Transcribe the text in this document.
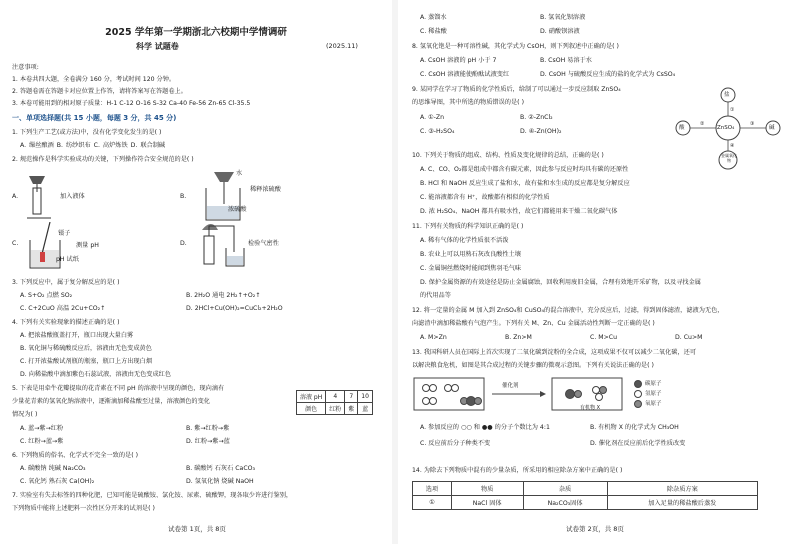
2025 学年第一学期浙北六校期中学情调研
科学 试题卷	(2025.11)
注意事项:
1. 本卷共四大题，全卷满分 160 分，考试时间 120 分钟。
2. 答题卷需在答题卡对应位置上作答，请将答案写在答题卷上。
3. 本卷可能用到的相对原子质量：H-1 C-12 O-16 S-32 Ca-40 Fe-56 Zn-65 Cl-35.5
一、单项选择题(共 15 小题，每题 3 分，共 45 分)
1. 下列生产工艺(或方法)中，没有化学变化发生的是( )
A. 缫丝酿酒 B. 纺纱织布 C. 高炉炼铁 D. 联合制碱
2. 规范操作是科学实验成功的关键，下列操作符合安全规范的是( )
A.	加入液体	B.
水
稀释浓硫酸
浓硫酸
C.
镊子
测量 pH
pH 试纸
D.	检验气密性
3. 下列反应中，属于复分解反应的是( )
A. S+O₂ 点燃 SO₂	B. 2H₂O 通电 2H₂↑+O₂↑
C. C+2CuO 高温 2Cu+CO₂↑	D. 2HCl+Cu(OH)₂=CuCl₂+2H₂O
4. 下列有关实验现象的描述正确的是( )
A. 把浓盐酸瓶盖打开，瓶口出现大量白雾
B. 氧化铜与稀硫酸反应后，溶液由无色变成黄色
C. 打开浓盐酸试剂瓶的瓶塞，瓶口上方出现白烟
D. 向稀盐酸中滴加紫色石蕊试液，溶液由无色变成红色
5. 下表是用牵牛花瓣提取的花青素在不同 pH 的溶液中呈现的颜色，现向滴有
少量花青素的氢氧化钠溶液中，逐渐滴加稀盐酸至过量，溶液颜色的变化
情况为( )
溶液 pH	4	7	10
颜色	红粉	紫	蓝
A. 蓝→紫→红粉	B. 紫→红粉→紫
C. 红粉→蓝→紫	D. 红粉→紫→蓝
6. 下列物质的俗名、化学式不完全一致的是( )
A. 碳酸钠 纯碱 Na₂CO₃	B. 碳酸钙 石灰石 CaCO₃
C. 氧化钙 熟石灰 Ca(OH)₂	D. 氢氧化钠 烧碱 NaOH
7. 实验室有失去标签的四种化肥，已知可能是硫酸铵、氯化铵、尿素、硫酸钾，现各取少许进行鉴别，
下列物质中能将上述肥料一次性区分开来的试剂是( )
试卷第 1页，共 8页
A. 蒸馏水	B. 氢氧化钡溶液
C. 稀盐酸	D. 硝酸钡溶液
8. 氢氧化铯是一种可溶性碱，其化学式为 CsOH，则下列叙述中正确的是( )
A. CsOH 溶液的 pH 小于 7	B. CsOH 易溶于水
C. CsOH 溶液能使酚酞试液变红	D. CsOH 与硫酸反应生成的盐的化学式为 CsSO₄
9. 某同学在学习了物质的化学性质后，给制了可以通过一步反应制取 ZnSO₄
的思维导图，其中所选的物质错误的是( )
A. ①-Zn	B. ②-ZnCl₂
C. ③-H₂SO₄	D. ④-Zn(OH)₂	ZnSO₄
盐
酸	碱
金属氧化物
①
②	③
④
10. 下列关于物质的组成、结构、性质及变化规律的总结，正确的是( )
A. C、CO、O₂都是组成中都含有碳元素，因此参与反应时均具有碳的还原性
B. HCl 和 NaOH 反应生成了盐和水，故有盐和水生成的反应都是复分解反应
C. 能溶液都含有 H⁺，故酸都有相似的化学性质
D. 浓 H₂SO₄、NaOH 都具有吸水性，故它们都能用来干燥二氧化碳气体
11. 下列有关物质的科学知识正确的是( )
A. 稀有气体的化学性质很不活泼
B. 农业上可以用熟石灰改良酸性土壤
C. 金属铜丝燃烧时能闻到焦羽毛气味
D. 保护金属资源的有效途径是防止金属腐蚀，回收利用废旧金属，合理有效地开采矿物，以及寻找金属
的代用品等
12. 将一定量的金属 M 加入到 ZnSO₄和 CuSO₄的混合溶液中，充分反应后，过滤，得到固体滤渣，滤液为无色，
向滤渣中滴加稀盐酸有气泡产生。下列有关 M、Zn、Cu 金属活动性判断一定正确的是( )
A. M>Zn	B. Zn>M	C. M>Cu	D. Cu>M
13. 我国科研人员在国际上首次实现了二氧化碳到淀粉的全合成，这项成果不仅可以减少二氧化碳，还可
以解决粮食危机，如图是其合成过程的关键步骤的微观示意图。下列有关说法正确的是( )
催化剂
有机物 X
碳原子
氢原子
氧原子
A. 参加反应的 ○○ 和 ●● 的分子个数比为 4:1	B. 有机物 X 的化学式为 CH₃OH
C. 反应前后分子种类不变	D. 催化剂在反应前后化学性质改变
14. 为除去下列物质中混有的少量杂质，所采用的相应除杂方案中正确的是( )
选项	物质	杂质	除杂质方案
①	NaCl 固体	Na₂CO₃固体	加入足量的稀盐酸后蒸发
试卷第 2页，共 8页
